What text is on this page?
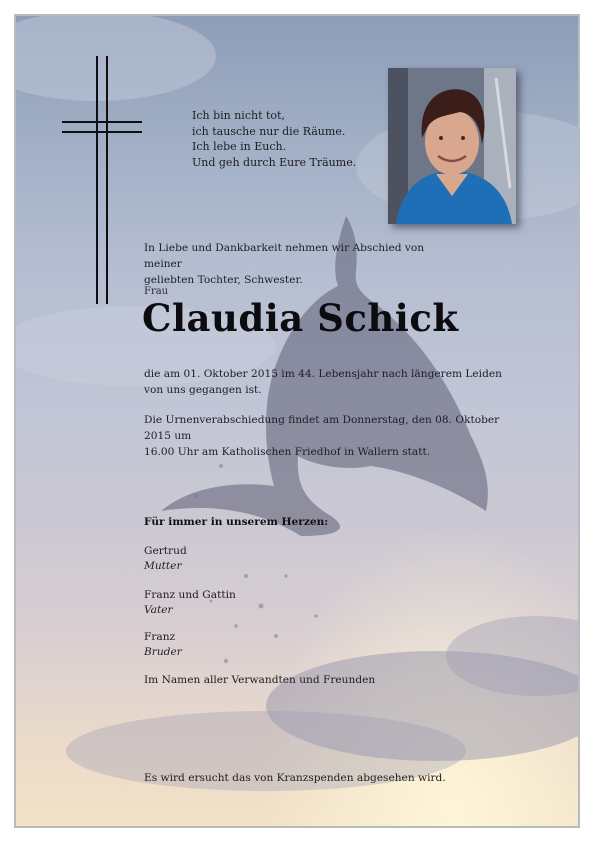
Ich bin nicht tot,
ich tausche nur die Räume.
Ich lebe in Euch.
Und geh durch Eure Träume.
In Liebe und Dankbarkeit nehmen wir Abschied von meiner
geliebten Tochter, Schwester.
Frau
Claudia Schick
die am 01. Oktober 2015 im 44. Lebensjahr nach längerem Leiden
von uns gegangen ist.
Die Urnenverabschiedung findet am Donnerstag, den 08. Oktober 2015 um
16.00 Uhr am Katholischen Friedhof in Wallern statt.
Für immer in unserem Herzen:
Gertrud
Mutter
Franz und Gattin
Vater
Franz
Bruder
Im Namen aller Verwandten und Freunden
Es wird ersucht das von Kranzspenden abgesehen wird.
